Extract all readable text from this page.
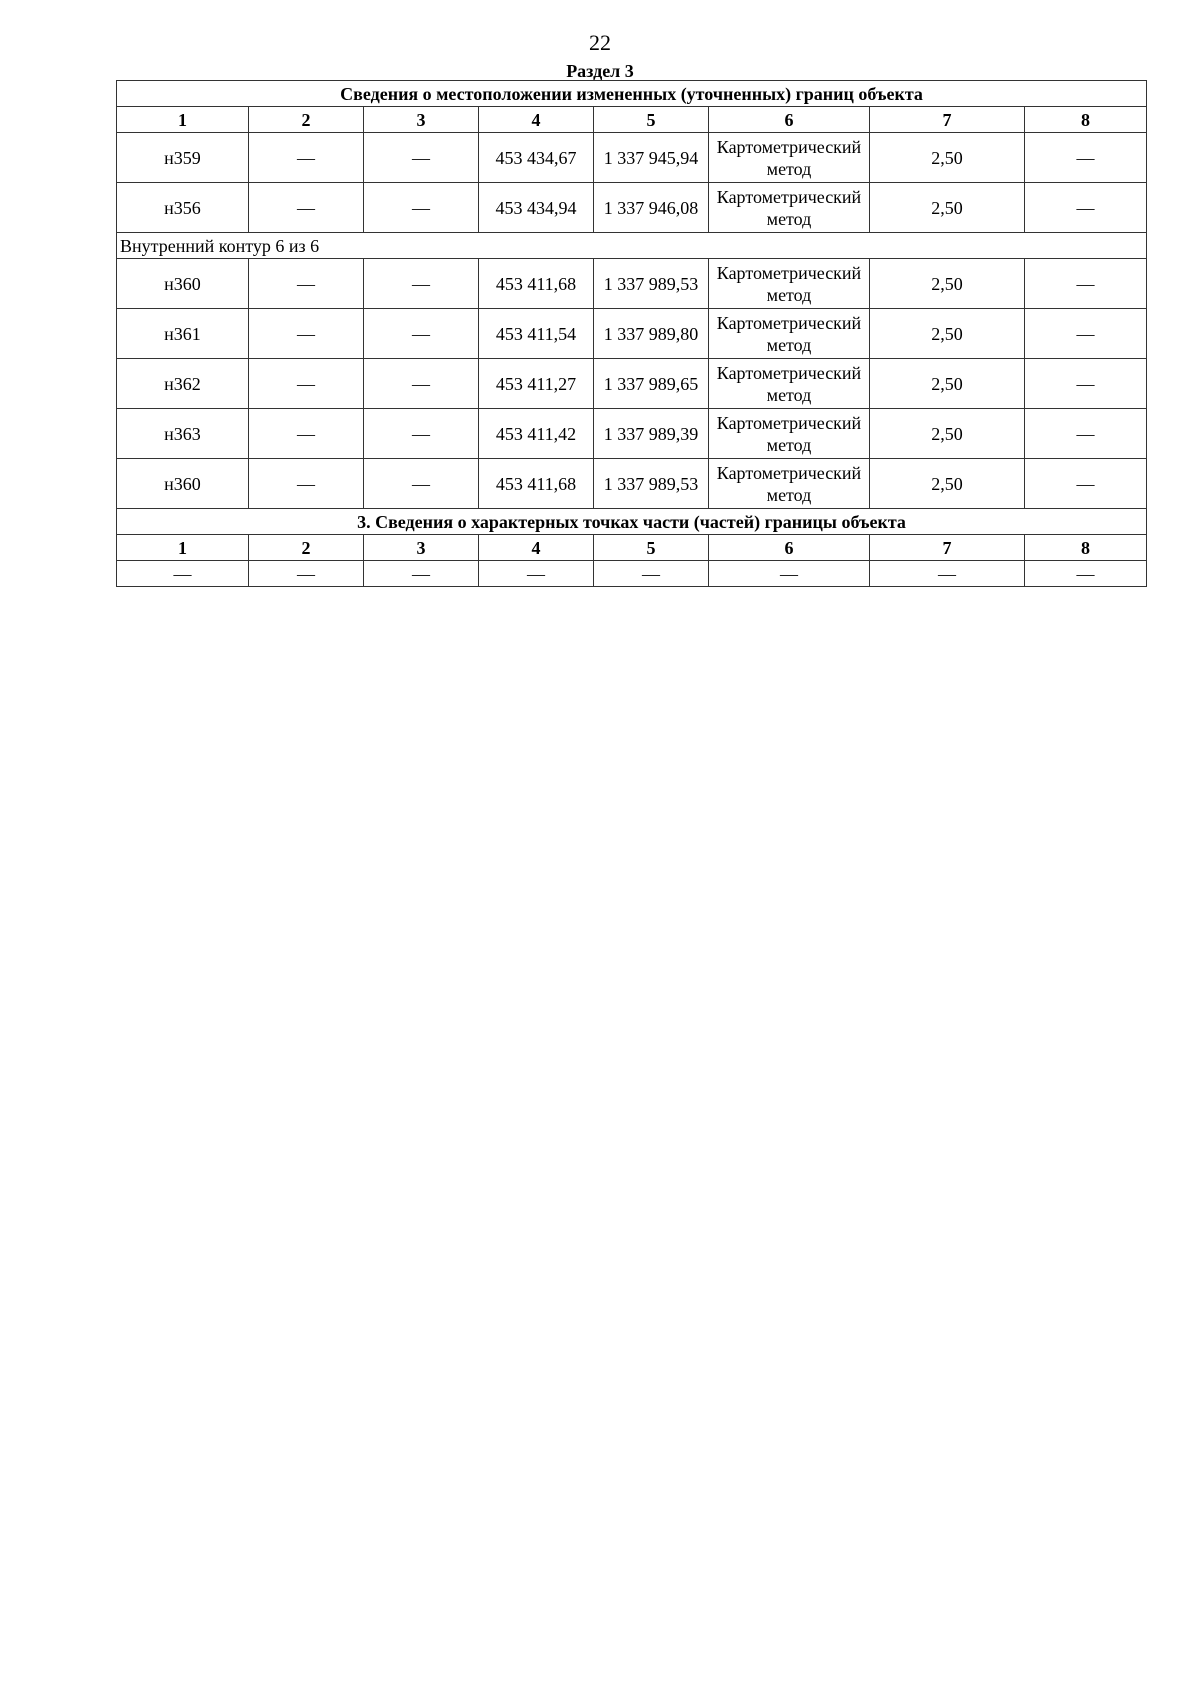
22
Раздел 3
Сведения о местоположении измененных (уточненных) границ объекта							
1	2	3	4	5	6	7	8
н359	—	—	453 434,67	1 337 945,94	Картометрический метод	2,50	—
н356	—	—	453 434,94	1 337 946,08	Картометрический метод	2,50	—
Внутренний контур 6 из 6							
н360	—	—	453 411,68	1 337 989,53	Картометрический метод	2,50	—
н361	—	—	453 411,54	1 337 989,80	Картометрический метод	2,50	—
н362	—	—	453 411,27	1 337 989,65	Картометрический метод	2,50	—
н363	—	—	453 411,42	1 337 989,39	Картометрический метод	2,50	—
н360	—	—	453 411,68	1 337 989,53	Картометрический метод	2,50	—
3. Сведения о характерных точках части (частей) границы объекта							
1	2	3	4	5	6	7	8
—	—	—	—	—	—	—	—
